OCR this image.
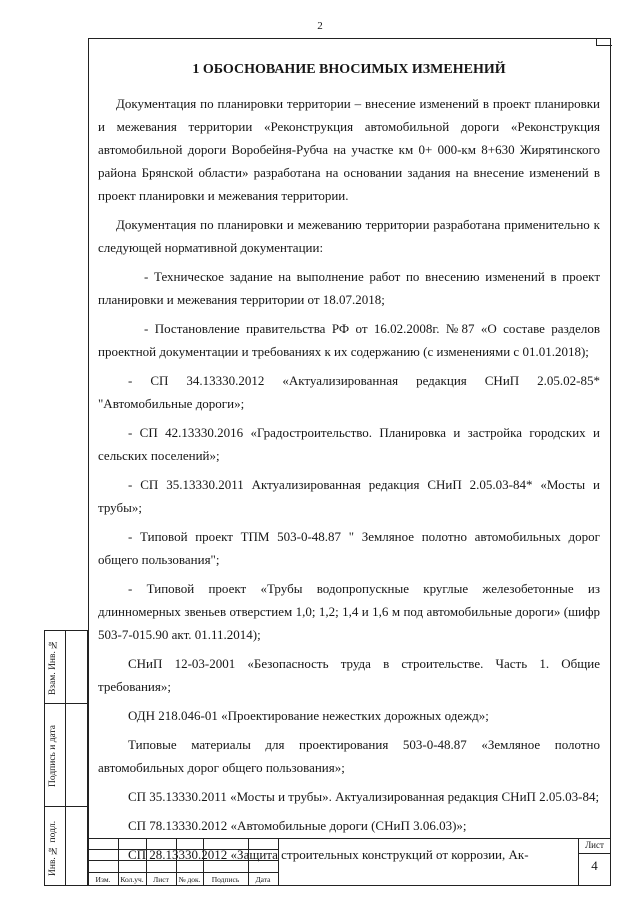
2
1 ОБОСНОВАНИЕ ВНОСИМЫХ ИЗМЕНЕНИЙ

Документация по планировки территории – внесение изменений в проект планировки и межевания территории «Реконструкция автомобильной дороги «Реконструкция автомобильной дороги Воробейня-Рубча на участке км 0+ 000-км 8+630 Жирятинского района Брянской области» разработана на основании задания на внесение изменений в проект планировки и межевания территории.

Документация по планировки и межеванию территории разработана применительно к следующей нормативной документации:

- Техническое задание на выполнение работ по внесению изменений в проект планировки и межевания территории от 18.07.2018;

- Постановление правительства РФ от 16.02.2008г. №87 «О составе разделов проектной документации и требованиях к их содержанию (с изменениями с 01.01.2018);

- СП 34.13330.2012 «Актуализированная редакция СНиП 2.05.02-85* "Автомобильные дороги»;

- СП 42.13330.2016 «Градостроительство. Планировка и застройка городских и сельских поселений»;

- СП 35.13330.2011 Актуализированная редакция СНиП 2.05.03-84* «Мосты и трубы»;

- Типовой проект ТПМ 503-0-48.87 " Земляное полотно автомобильных дорог общего пользования";

- Типовой проект «Трубы водопропускные круглые железобетонные из длинномерных звеньев отверстием 1,0; 1,2; 1,4 и 1,6 м под автомобильные дороги» (шифр 503-7-015.90 акт. 01.11.2014);

СНиП 12-03-2001 «Безопасность труда в строительстве. Часть 1. Общие требования»;

ОДН 218.046-01 «Проектирование нежестких дорожных одежд»;

Типовые материалы для проектирования 503-0-48.87 «Земляное полотно автомобильных дорог общего пользования»;

СП 35.13330.2011 «Мосты и трубы». Актуализированная редакция СНиП 2.05.03-84;

СП 78.13330.2012 «Автомобильные дороги (СНиП 3.06.03)»;

СП 28.13330.2012 «Защита строительных конструкций от коррозии, Ак-

Взам. Инв. №
Подпись и дата
Инв. № подл.
Изм.	Кол.уч.	Лист	№ док.	Подпись	Дата
Лист
4
